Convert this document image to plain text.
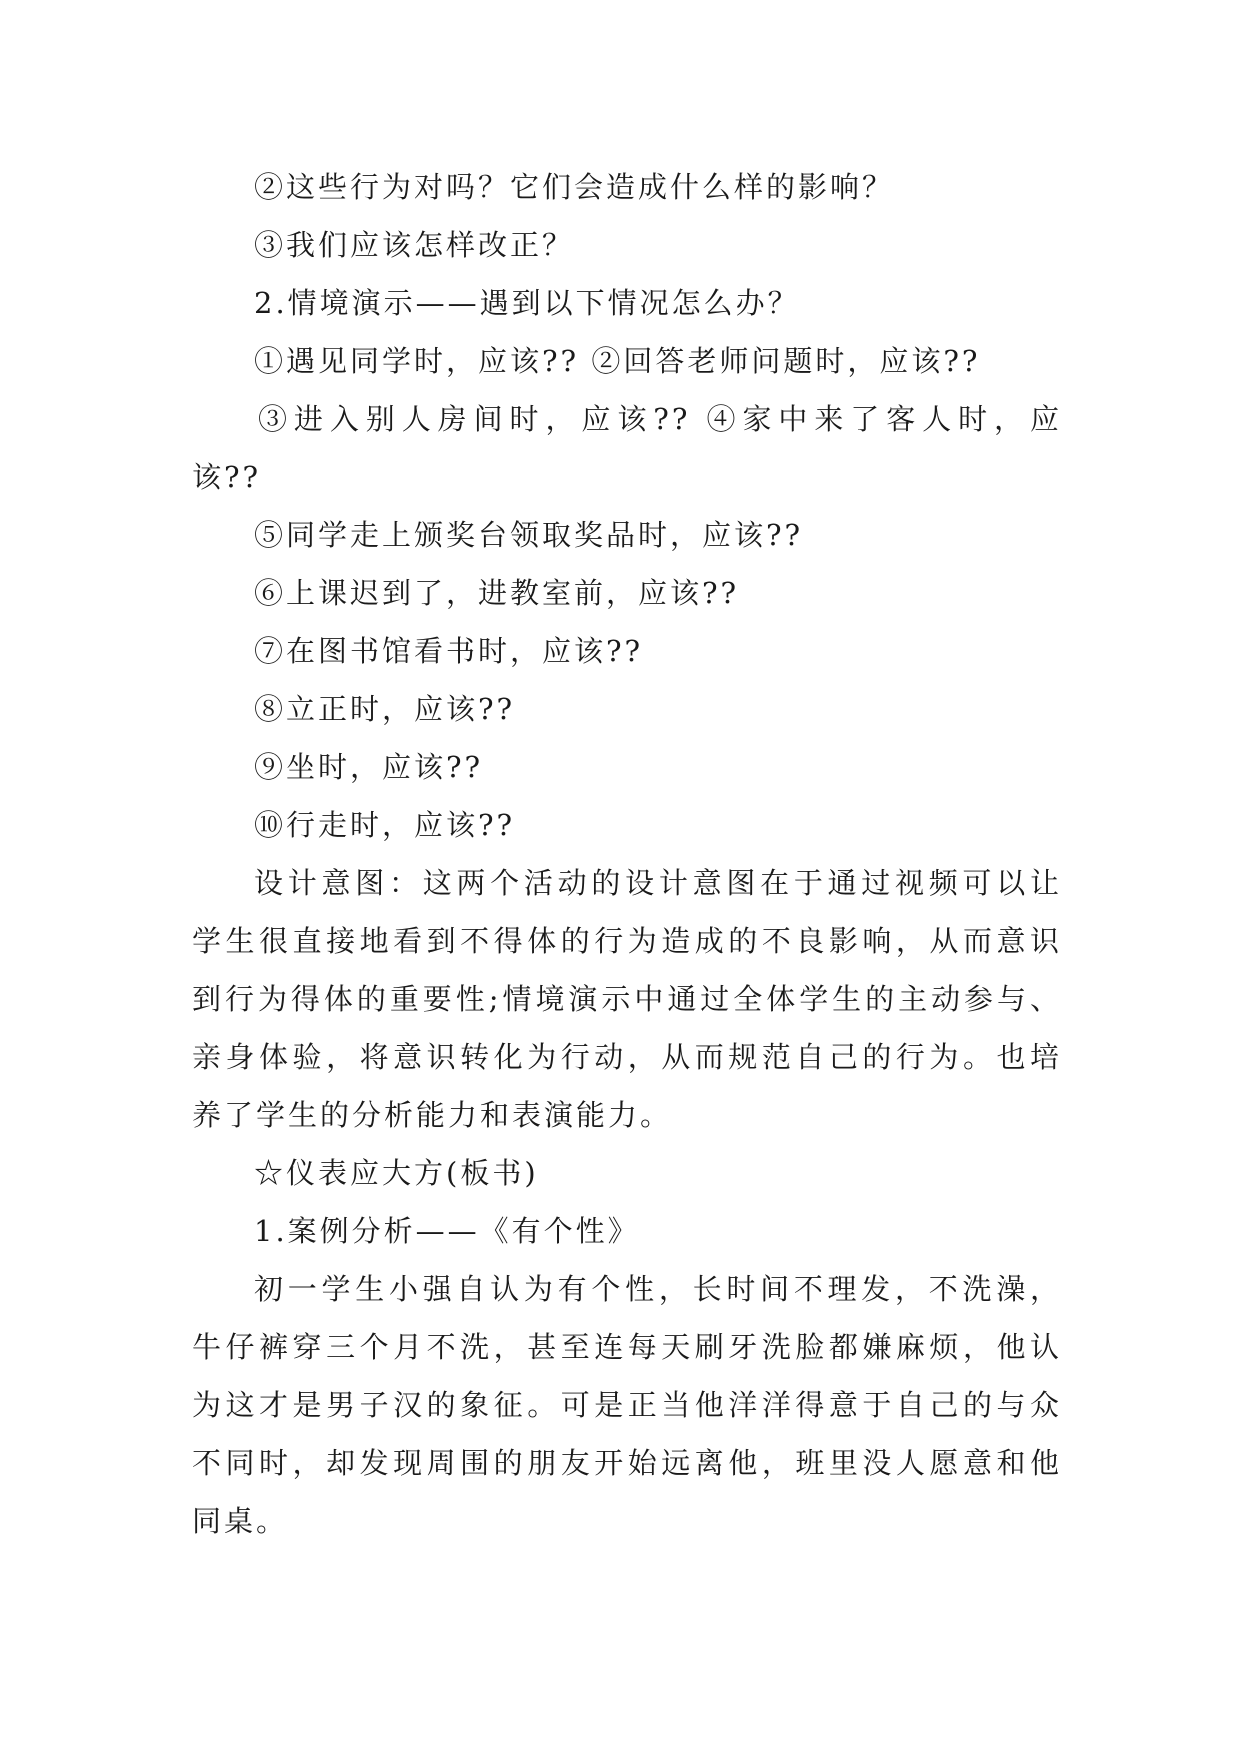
②这些行为对吗？它们会造成什么样的影响？

③我们应该怎样改正？

2.情境演示——遇到以下情况怎么办？

①遇见同学时，应该?? ②回答老师问题时，应该??

③进入别人房间时，应该?? ④家中来了客人时，应

该??

⑤同学走上颁奖台领取奖品时，应该??

⑥上课迟到了，进教室前，应该??

⑦在图书馆看书时，应该??

⑧立正时，应该??

⑨坐时，应该??

⑩行走时，应该??

设计意图：这两个活动的设计意图在于通过视频可以让

学生很直接地看到不得体的行为造成的不良影响，从而意识

到行为得体的重要性;情境演示中通过全体学生的主动参与、

亲身体验，将意识转化为行动，从而规范自己的行为。也培

养了学生的分析能力和表演能力。

☆仪表应大方(板书)

1.案例分析——《有个性》

初一学生小强自认为有个性，长时间不理发，不洗澡，

牛仔裤穿三个月不洗，甚至连每天刷牙洗脸都嫌麻烦，他认

为这才是男子汉的象征。可是正当他洋洋得意于自己的与众

不同时，却发现周围的朋友开始远离他，班里没人愿意和他

同桌。
